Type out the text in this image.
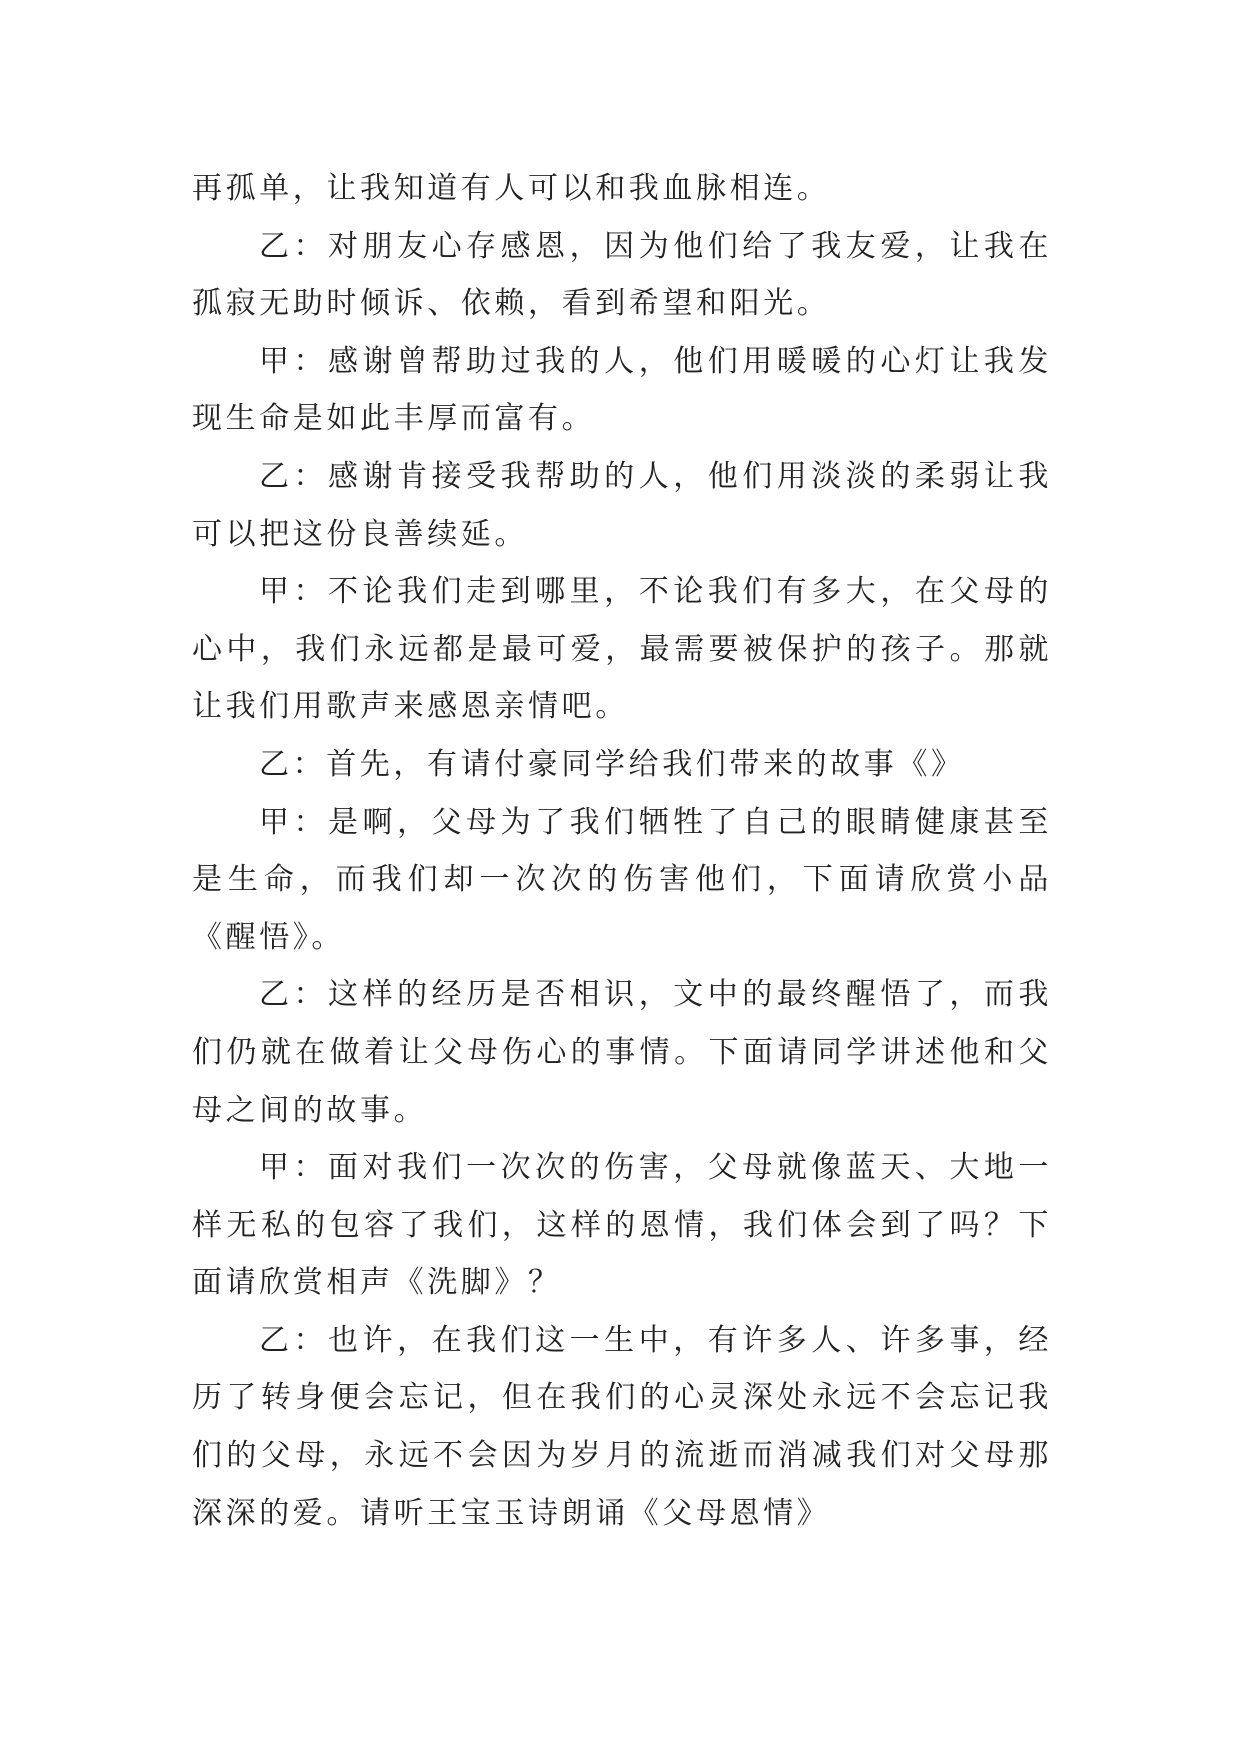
再孤单，让我知道有人可以和我血脉相连。

乙：对朋友心存感恩，因为他们给了我友爱，让我在孤寂无助时倾诉、依赖，看到希望和阳光。

甲：感谢曾帮助过我的人，他们用暖暖的心灯让我发现生命是如此丰厚而富有。

乙：感谢肯接受我帮助的人，他们用淡淡的柔弱让我可以把这份良善续延。

甲：不论我们走到哪里，不论我们有多大，在父母的心中，我们永远都是最可爱，最需要被保护的孩子。那就让我们用歌声来感恩亲情吧。

乙：首先，有请付豪同学给我们带来的故事《》

甲：是啊，父母为了我们牺牲了自己的眼睛健康甚至是生命，而我们却一次次的伤害他们，下面请欣赏小品《醒悟》。

乙：这样的经历是否相识，文中的最终醒悟了，而我们仍就在做着让父母伤心的事情。下面请同学讲述他和父母之间的故事。

甲：面对我们一次次的伤害，父母就像蓝天、大地一样无私的包容了我们，这样的恩情，我们体会到了吗？下面请欣赏相声《洗脚》？

乙：也许，在我们这一生中，有许多人、许多事，经历了转身便会忘记，但在我们的心灵深处永远不会忘记我们的父母，永远不会因为岁月的流逝而消减我们对父母那深深的爱。请听王宝玉诗朗诵《父母恩情》
